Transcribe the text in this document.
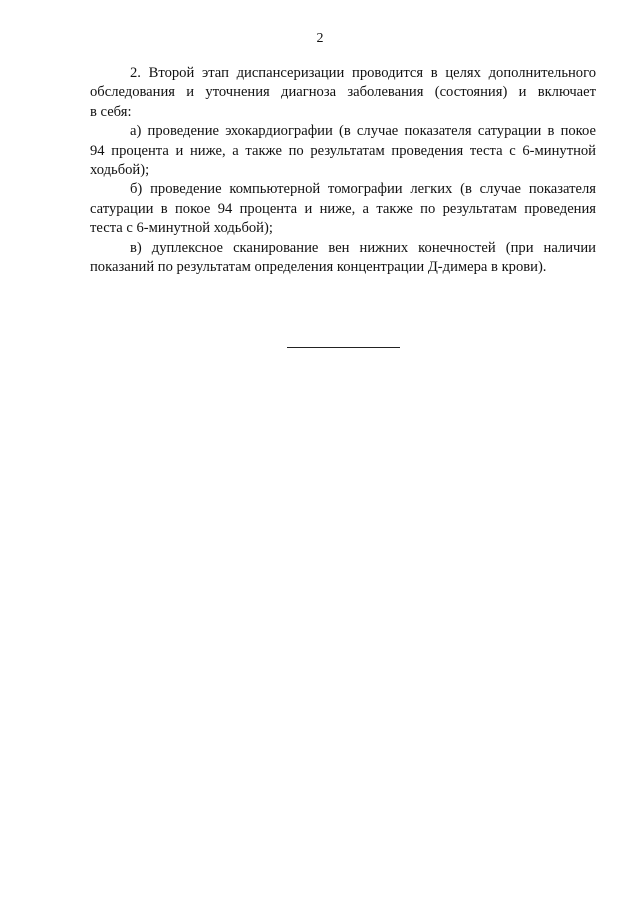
2

2. Второй этап диспансеризации проводится в целях дополнительного
обследования и уточнения диагноза заболевания (состояния) и включает
в себя:

а) проведение эхокардиографии (в случае показателя сатурации в покое
94 процента и ниже, а также по результатам проведения теста с 6-минутной
ходьбой);

б) проведение компьютерной томографии легких (в случае показателя
сатурации в покое 94 процента и ниже, а также по результатам проведения
теста с 6-минутной ходьбой);

в) дуплексное сканирование вен нижних конечностей (при наличии
показаний по результатам определения концентрации Д-димера в крови).
